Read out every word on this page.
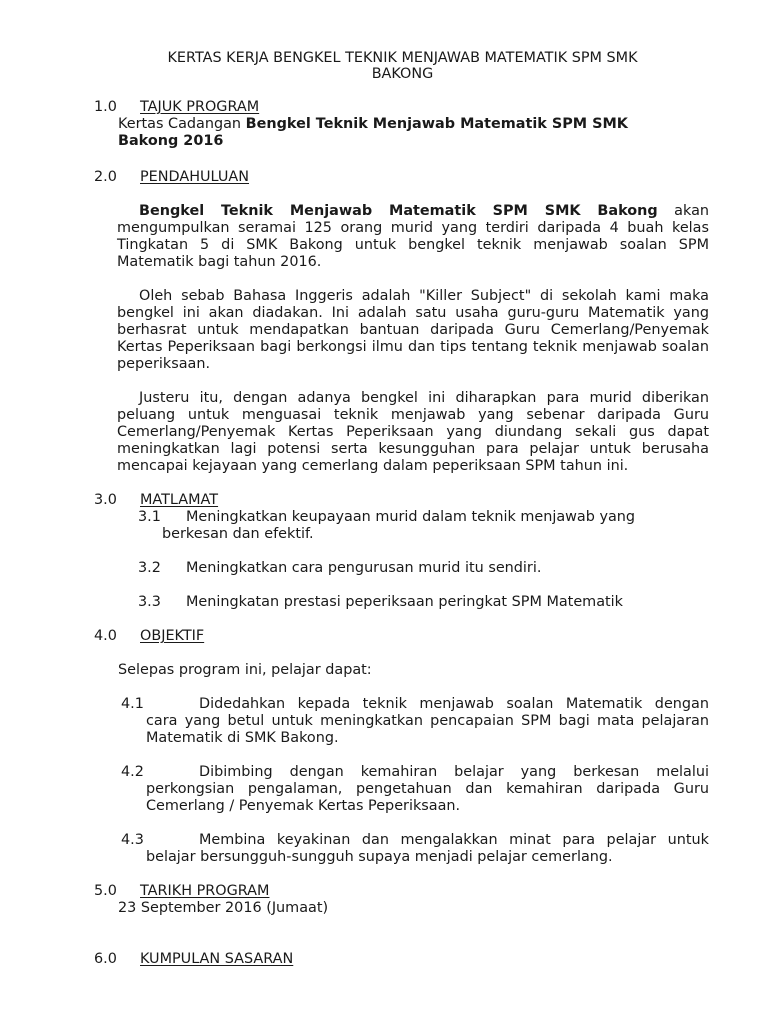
KERTAS KERJA BENGKEL TEKNIK MENJAWAB MATEMATIK SPM SMK
BAKONG
1.0 TAJUK PROGRAM
Kertas Cadangan Bengkel Teknik Menjawab Matematik SPM SMK
Bakong 2016
2.0 PENDAHULUAN
Bengkel Teknik Menjawab Matematik SPM SMK Bakong akan mengumpulkan seramai 125 orang murid yang terdiri daripada 4 buah kelas Tingkatan 5 di SMK Bakong untuk bengkel teknik menjawab soalan SPM Matematik bagi tahun 2016.
Oleh sebab Bahasa Inggeris adalah "Killer Subject" di sekolah kami maka bengkel ini akan diadakan. Ini adalah satu usaha guru-guru Matematik yang berhasrat untuk mendapatkan bantuan daripada Guru Cemerlang/Penyemak Kertas Peperiksaan bagi berkongsi ilmu dan tips tentang teknik menjawab soalan peperiksaan.
Justeru itu, dengan adanya bengkel ini diharapkan para murid diberikan peluang untuk menguasai teknik menjawab yang sebenar daripada Guru Cemerlang/Penyemak Kertas Peperiksaan yang diundang sekali gus dapat meningkatkan lagi potensi serta kesungguhan para pelajar untuk berusaha mencapai kejayaan yang cemerlang dalam peperiksaan SPM tahun ini.
3.0 MATLAMAT
3.1 Meningkatkan keupayaan murid dalam teknik menjawab yang
berkesan dan efektif.
3.2 Meningkatkan cara pengurusan murid itu sendiri.
3.3 Meningkatan prestasi peperiksaan peringkat SPM Matematik
4.0 OBJEKTIF
Selepas program ini, pelajar dapat:
4.1	Didedahkan kepada teknik menjawab soalan Matematik dengan
cara yang betul untuk meningkatkan pencapaian SPM bagi mata pelajaran Matematik di SMK Bakong.
4.2	Dibimbing dengan kemahiran belajar yang berkesan melalui
perkongsian pengalaman, pengetahuan dan kemahiran daripada Guru Cemerlang / Penyemak Kertas Peperiksaan.
4.3	Membina keyakinan dan mengalakkan minat para pelajar untuk
belajar bersungguh-sungguh supaya menjadi pelajar cemerlang.
5.0 TARIKH PROGRAM
23 September 2016 (Jumaat)
6.0 KUMPULAN SASARAN
